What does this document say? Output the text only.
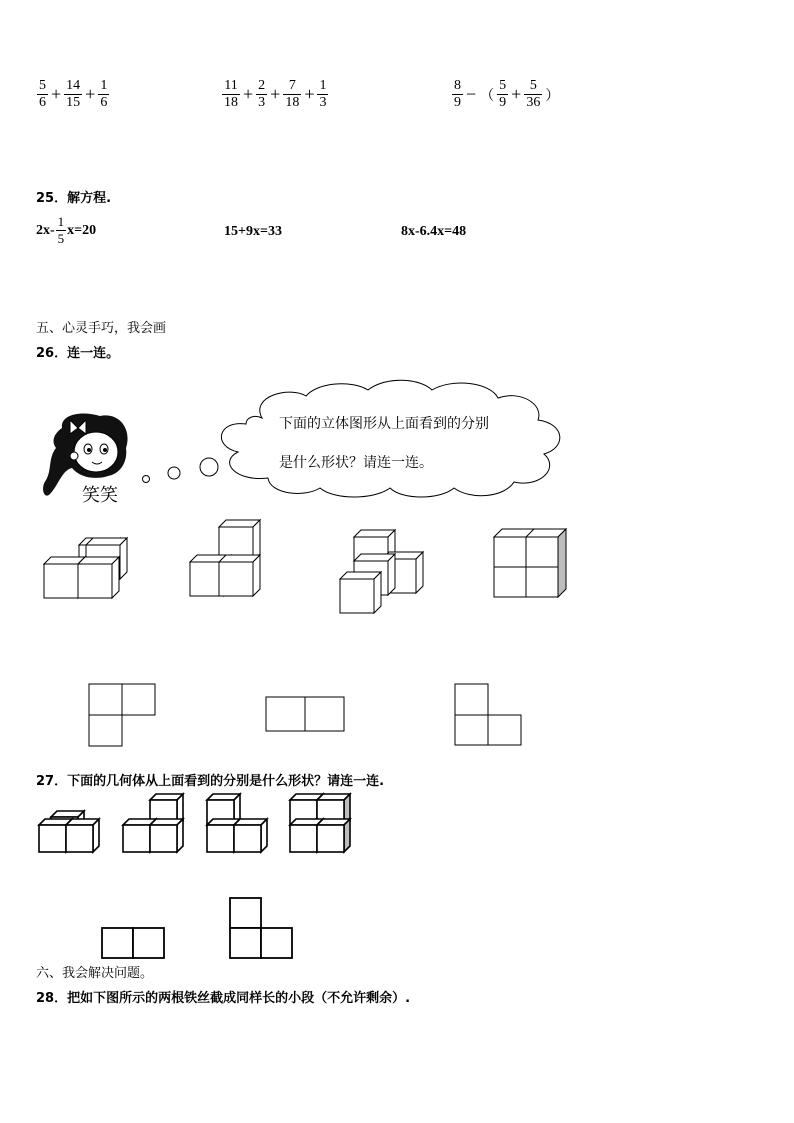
$\frac{5}{6} + \frac{14}{15} + \frac{1}{6}$	$\frac{11}{18} + \frac{2}{3} + \frac{7}{18} + \frac{1}{3}$	$\frac{8}{9}$ − （ $\frac{5}{9} + \frac{5}{36}$ ）
25．解方程.
$2x- \frac{1}{5} x=20$	15+9x=33	8x-6.4x=48
五、心灵手巧，我会画
26．连一连。
下面的立体图形从上面看到的分别
是什么形状？请连一连。
笑笑
27．下面的几何体从上面看到的分别是什么形状？请连一连.
六、我会解决问题。
28．把如下图所示的两根铁丝截成同样长的小段（不允许剩余）.
